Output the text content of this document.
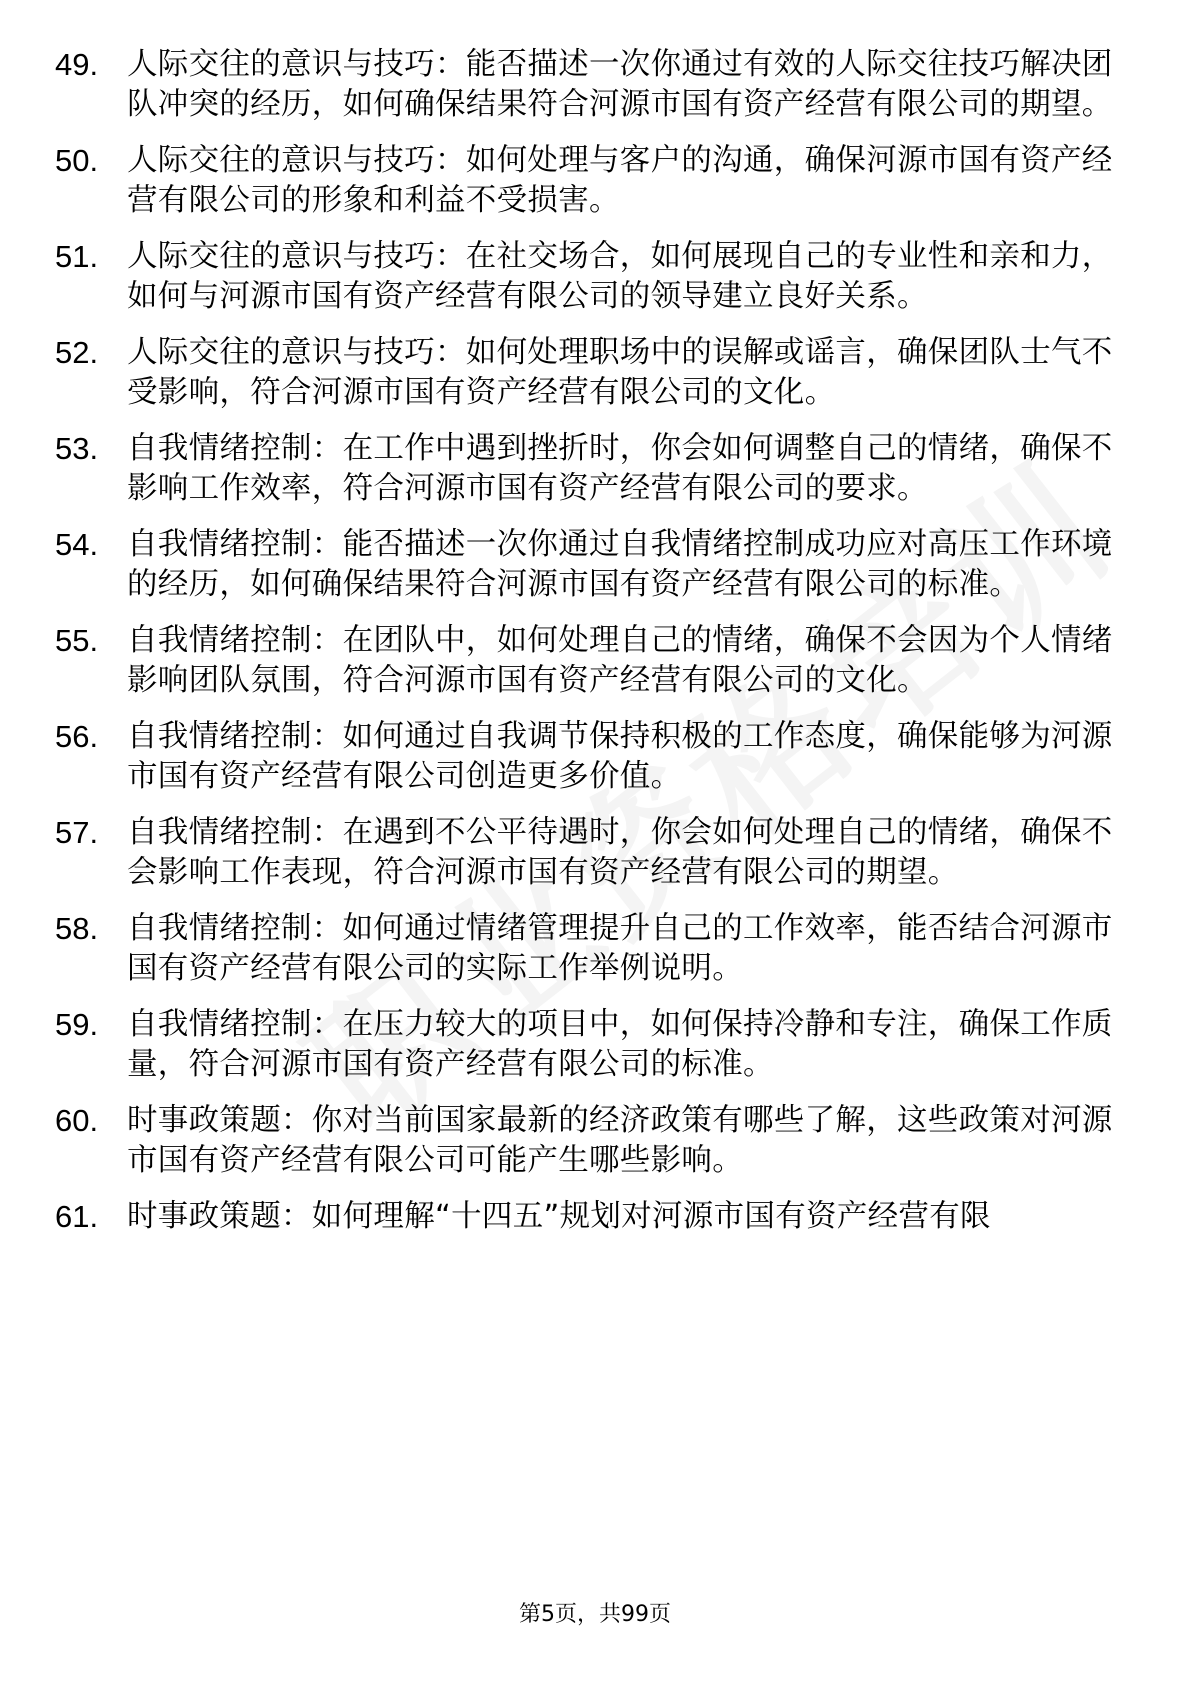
49. 人际交往的意识与技巧：能否描述一次你通过有效的人际交往技巧解决团队冲突的经历，如何确保结果符合河源市国有资产经营有限公司的期望。
50. 人际交往的意识与技巧：如何处理与客户的沟通，确保河源市国有资产经营有限公司的形象和利益不受损害。
51. 人际交往的意识与技巧：在社交场合，如何展现自己的专业性和亲和力，如何与河源市国有资产经营有限公司的领导建立良好关系。
52. 人际交往的意识与技巧：如何处理职场中的误解或谣言，确保团队士气不受影响，符合河源市国有资产经营有限公司的文化。
53. 自我情绪控制：在工作中遇到挫折时，你会如何调整自己的情绪，确保不影响工作效率，符合河源市国有资产经营有限公司的要求。
54. 自我情绪控制：能否描述一次你通过自我情绪控制成功应对高压工作环境的经历，如何确保结果符合河源市国有资产经营有限公司的标准。
55. 自我情绪控制：在团队中，如何处理自己的情绪，确保不会因为个人情绪影响团队氛围，符合河源市国有资产经营有限公司的文化。
56. 自我情绪控制：如何通过自我调节保持积极的工作态度，确保能够为河源市国有资产经营有限公司创造更多价值。
57. 自我情绪控制：在遇到不公平待遇时，你会如何处理自己的情绪，确保不会影响工作表现，符合河源市国有资产经营有限公司的期望。
58. 自我情绪控制：如何通过情绪管理提升自己的工作效率，能否结合河源市国有资产经营有限公司的实际工作举例说明。
59. 自我情绪控制：在压力较大的项目中，如何保持冷静和专注，确保工作质量，符合河源市国有资产经营有限公司的标准。
60. 时事政策题：你对当前国家最新的经济政策有哪些了解，这些政策对河源市国有资产经营有限公司可能产生哪些影响。
61. 时事政策题：如何理解“十四五”规划对河源市国有资产经营有限
第5页，共99页
